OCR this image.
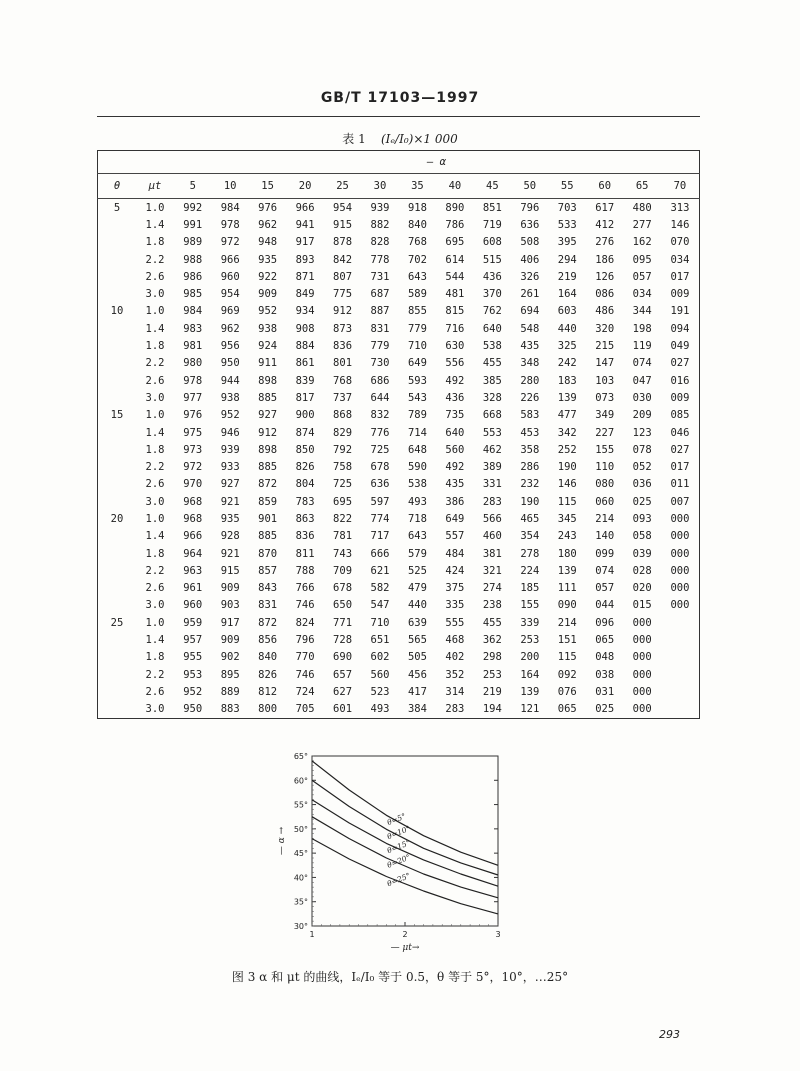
GB/T 17103—1997
表 1 (Iₑ/I₀)×1 000
		— α													
θ	μt	5	10	15	20	25	30	35	40	45	50	55	60	65	70
5	1.0	992	984	976	966	954	939	918	890	851	796	703	617	480	313
	1.4	991	978	962	941	915	882	840	786	719	636	533	412	277	146
	1.8	989	972	948	917	878	828	768	695	608	508	395	276	162	070
	2.2	988	966	935	893	842	778	702	614	515	406	294	186	095	034
	2.6	986	960	922	871	807	731	643	544	436	326	219	126	057	017
	3.0	985	954	909	849	775	687	589	481	370	261	164	086	034	009
10	1.0	984	969	952	934	912	887	855	815	762	694	603	486	344	191
	1.4	983	962	938	908	873	831	779	716	640	548	440	320	198	094
	1.8	981	956	924	884	836	779	710	630	538	435	325	215	119	049
	2.2	980	950	911	861	801	730	649	556	455	348	242	147	074	027
	2.6	978	944	898	839	768	686	593	492	385	280	183	103	047	016
	3.0	977	938	885	817	737	644	543	436	328	226	139	073	030	009
15	1.0	976	952	927	900	868	832	789	735	668	583	477	349	209	085
	1.4	975	946	912	874	829	776	714	640	553	453	342	227	123	046
	1.8	973	939	898	850	792	725	648	560	462	358	252	155	078	027
	2.2	972	933	885	826	758	678	590	492	389	286	190	110	052	017
	2.6	970	927	872	804	725	636	538	435	331	232	146	080	036	011
	3.0	968	921	859	783	695	597	493	386	283	190	115	060	025	007
20	1.0	968	935	901	863	822	774	718	649	566	465	345	214	093	000
	1.4	966	928	885	836	781	717	643	557	460	354	243	140	058	000
	1.8	964	921	870	811	743	666	579	484	381	278	180	099	039	000
	2.2	963	915	857	788	709	621	525	424	321	224	139	074	028	000
	2.6	961	909	843	766	678	582	479	375	274	185	111	057	020	000
	3.0	960	903	831	746	650	547	440	335	238	155	090	044	015	000
25	1.0	959	917	872	824	771	710	639	555	455	339	214	096	000	
	1.4	957	909	856	796	728	651	565	468	362	253	151	065	000	
	1.8	955	902	840	770	690	602	505	402	298	200	115	048	000	
	2.2	953	895	826	746	657	560	456	352	253	164	092	038	000	
	2.6	952	889	812	724	627	523	417	314	219	139	076	031	000	
	3.0	950	883	800	705	601	493	384	283	194	121	065	025	000	
30°
35°
40°
45°
50°
55°
60°
65°
1	2	3
— μt→
— α →
θ=5°
θ=10°
θ=15°
θ=20°
θ=25°
图 3 α 和 μt 的曲线，Iₑ/I₀ 等于 0.5，θ 等于 5°，10°，…25°
293
